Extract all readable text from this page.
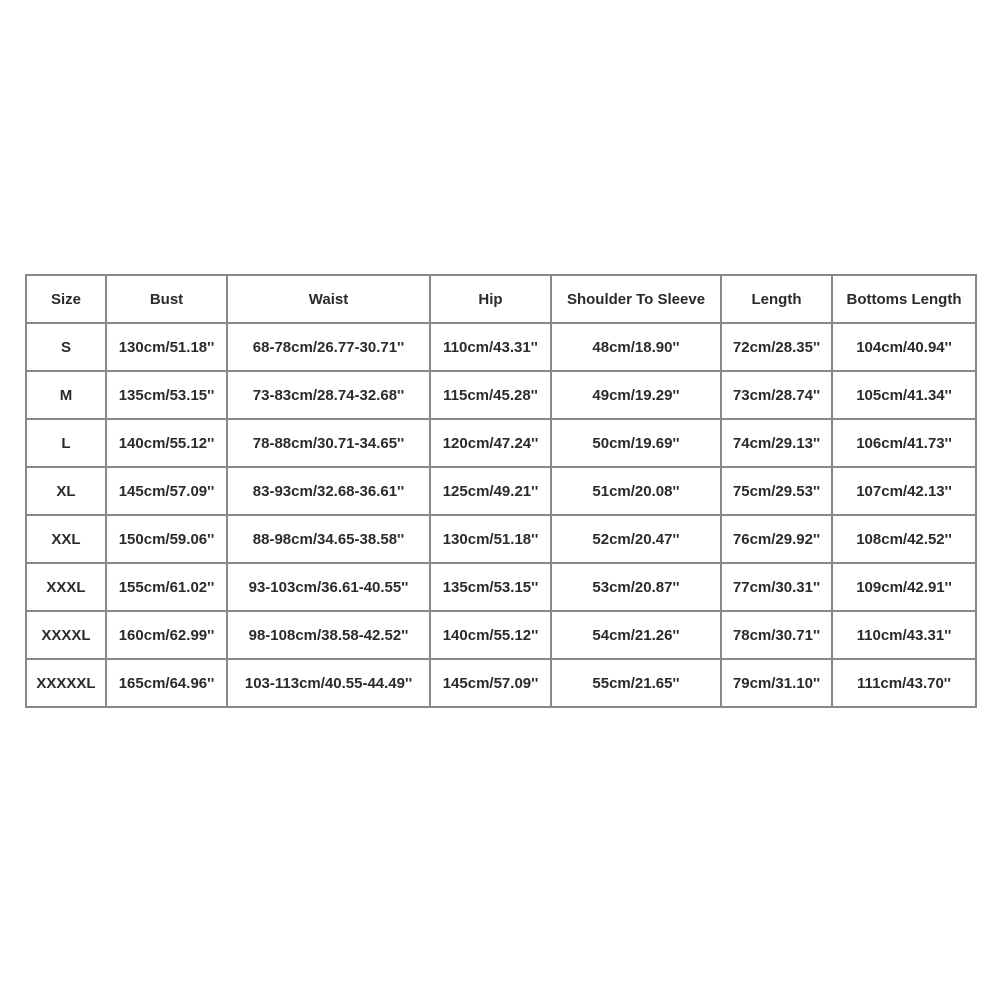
Size	Bust	Waist	Hip	Shoulder To Sleeve	Length	Bottoms Length
S	130cm/51.18''	68-78cm/26.77-30.71''	110cm/43.31''	48cm/18.90''	72cm/28.35''	104cm/40.94''
M	135cm/53.15''	73-83cm/28.74-32.68''	115cm/45.28''	49cm/19.29''	73cm/28.74''	105cm/41.34''
L	140cm/55.12''	78-88cm/30.71-34.65''	120cm/47.24''	50cm/19.69''	74cm/29.13''	106cm/41.73''
XL	145cm/57.09''	83-93cm/32.68-36.61''	125cm/49.21''	51cm/20.08''	75cm/29.53''	107cm/42.13''
XXL	150cm/59.06''	88-98cm/34.65-38.58''	130cm/51.18''	52cm/20.47''	76cm/29.92''	108cm/42.52''
XXXL	155cm/61.02''	93-103cm/36.61-40.55''	135cm/53.15''	53cm/20.87''	77cm/30.31''	109cm/42.91''
XXXXL	160cm/62.99''	98-108cm/38.58-42.52''	140cm/55.12''	54cm/21.26''	78cm/30.71''	110cm/43.31''
XXXXXL	165cm/64.96''	103-113cm/40.55-44.49''	145cm/57.09''	55cm/21.65''	79cm/31.10''	111cm/43.70''
